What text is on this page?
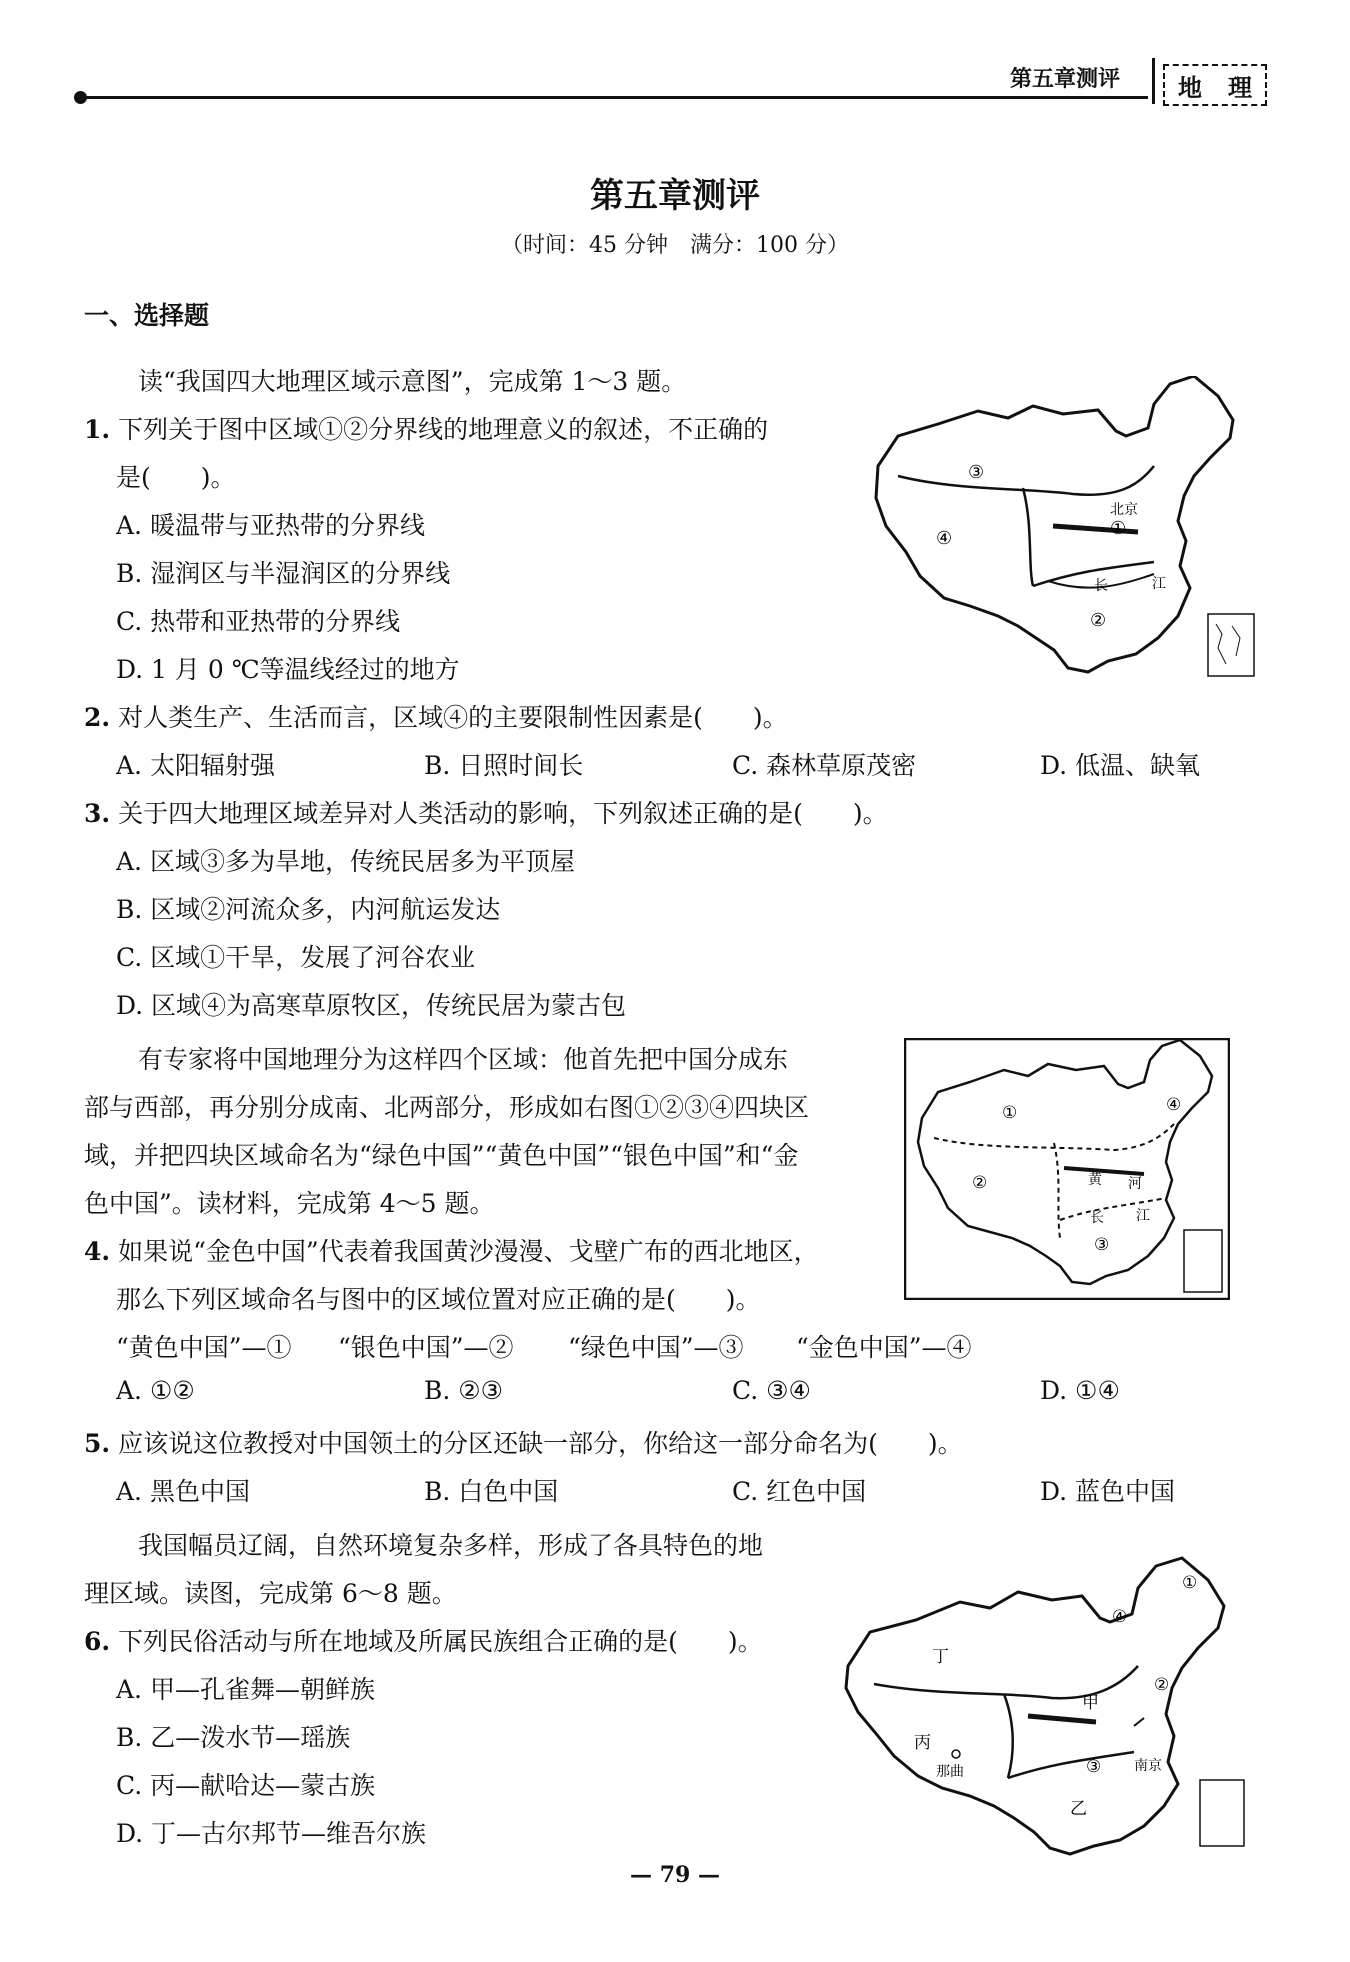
第五章测评 地 理
第五章测评
（时间：45 分钟　满分：100 分）
一、选择题
读“我国四大地理区域示意图”，完成第 1～3 题。
1. 下列关于图中区域①②分界线的地理意义的叙述，不正确的
是(　　)。
A. 暖温带与亚热带的分界线
B. 湿润区与半湿润区的分界线
C. 热带和亚热带的分界线
D. 1 月 0 ℃等温线经过的地方
2. 对人类生产、生活而言，区域④的主要限制性因素是(　　)。
A. 太阳辐射强	B. 日照时间长	C. 森林草原茂密	D. 低温、缺氧
3. 关于四大地理区域差异对人类活动的影响，下列叙述正确的是(　　)。
A. 区域③多为旱地，传统民居多为平顶屋
B. 区域②河流众多，内河航运发达
C. 区域①干旱，发展了河谷农业
D. 区域④为高寒草原牧区，传统民居为蒙古包
有专家将中国地理分为这样四个区域：他首先把中国分成东
部与西部，再分别分成南、北两部分，形成如右图①②③④四块区
域，并把四块区域命名为“绿色中国”“黄色中国”“银色中国”和“金
色中国”。读材料，完成第 4～5 题。
4. 如果说“金色中国”代表着我国黄沙漫漫、戈壁广布的西北地区，
那么下列区域命名与图中的区域位置对应正确的是(　　)。
“黄色中国”—① “银色中国”—② “绿色中国”—③ “金色中国”—④
A. ①②	B. ②③	C. ③④	D. ①④
5. 应该说这位教授对中国领土的分区还缺一部分，你给这一部分命名为(　　)。
A. 黑色中国	B. 白色中国	C. 红色中国	D. 蓝色中国
我国幅员辽阔，自然环境复杂多样，形成了各具特色的地
理区域。读图，完成第 6～8 题。
6. 下列民俗活动与所在地域及所属民族组合正确的是(　　)。
A. 甲—孔雀舞—朝鲜族
B. 乙—泼水节—瑶族
C. 丙—献哈达—蒙古族
D. 丁—古尔邦节—维吾尔族
③
④	①
②
北京
长	江
①
②
③
④
黄 河
长 江
丁
丙
甲
乙
那曲	南京
①
②
③
④
— 79 —
